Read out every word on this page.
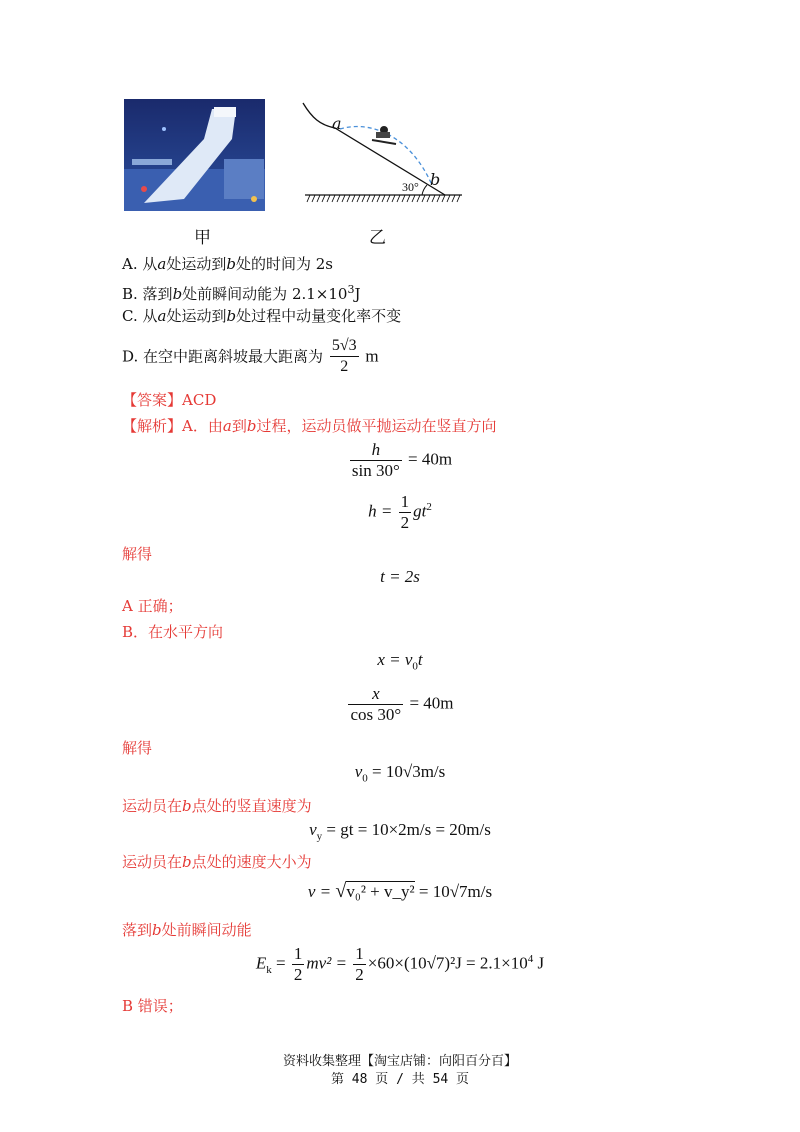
a
b
30°
甲	乙
A. 从a处运动到b处的时间为 2s
B. 落到b处前瞬间动能为 $2.1\times 10^3J$
C. 从a处运动到b处过程中动量变化率不变
D. 在空中距离斜坡最大距离为 $\frac{5√3}{2}$ m
【答案】ACD
【解析】A．由a到b过程，运动员做平抛运动在竖直方向
$\frac{h}{\sin 30^\circ} = 40m$
$h = \frac{1}{2} gt^2$
解得
t = 2s
A 正确；
B．在水平方向
$x = v_0t$
$\frac{x}{\cos 30^\circ} = 40m$
解得
$v_0 = 10√3m/s$
运动员在b点处的竖直速度为
$v_y$ = gt = 10×2m/s = 20m/s
运动员在b点处的速度大小为
v = √v₀² + v_y² = 10√7m/s
落到b处前瞬间动能
$E_k = \frac{1}{2} mv^2 = \frac{1}{2} \times 60\times(10√7)^2J = 2.1\times 10^4$ J
B 错误；
资料收集整理【淘宝店铺：向阳百分百】
第 48 页 / 共 54 页
